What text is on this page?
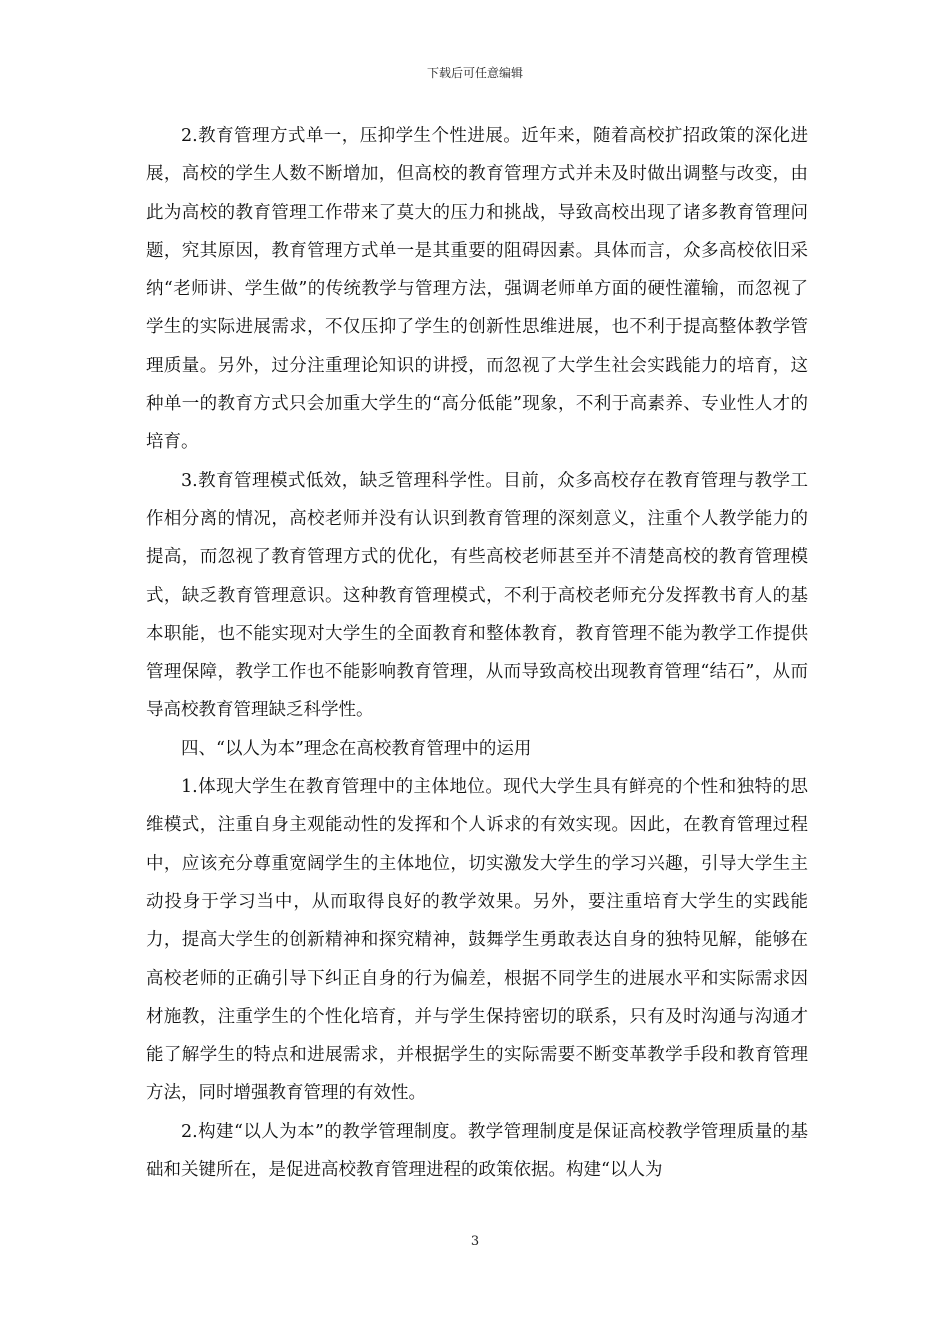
下载后可任意编辑

2.教育管理方式单一，压抑学生个性进展。近年来，随着高校扩招政策的深化进展，高校的学生人数不断增加，但高校的教育管理方式并未及时做出调整与改变，由此为高校的教育管理工作带来了莫大的压力和挑战，导致高校出现了诸多教育管理问题，究其原因，教育管理方式单一是其重要的阻碍因素。具体而言，众多高校依旧采纳“老师讲、学生做”的传统教学与管理方法，强调老师单方面的硬性灌输，而忽视了学生的实际进展需求，不仅压抑了学生的创新性思维进展，也不利于提高整体教学管理质量。另外，过分注重理论知识的讲授，而忽视了大学生社会实践能力的培育，这种单一的教育方式只会加重大学生的“高分低能”现象，不利于高素养、专业性人才的培育。

3.教育管理模式低效，缺乏管理科学性。目前，众多高校存在教育管理与教学工作相分离的情况，高校老师并没有认识到教育管理的深刻意义，注重个人教学能力的提高，而忽视了教育管理方式的优化，有些高校老师甚至并不清楚高校的教育管理模式，缺乏教育管理意识。这种教育管理模式，不利于高校老师充分发挥教书育人的基本职能，也不能实现对大学生的全面教育和整体教育，教育管理不能为教学工作提供管理保障，教学工作也不能影响教育管理，从而导致高校出现教育管理“结石”，从而导高校教育管理缺乏科学性。

四、“以人为本”理念在高校教育管理中的运用

1.体现大学生在教育管理中的主体地位。现代大学生具有鲜亮的个性和独特的思维模式，注重自身主观能动性的发挥和个人诉求的有效实现。因此，在教育管理过程中，应该充分尊重宽阔学生的主体地位，切实激发大学生的学习兴趣，引导大学生主动投身于学习当中，从而取得良好的教学效果。另外，要注重培育大学生的实践能力，提高大学生的创新精神和探究精神，鼓舞学生勇敢表达自身的独特见解，能够在高校老师的正确引导下纠正自身的行为偏差，根据不同学生的进展水平和实际需求因材施教，注重学生的个性化培育，并与学生保持密切的联系，只有及时沟通与沟通才能了解学生的特点和进展需求，并根据学生的实际需要不断变革教学手段和教育管理方法，同时增强教育管理的有效性。

2.构建“以人为本”的教学管理制度。教学管理制度是保证高校教学管理质量的基础和关键所在，是促进高校教育管理进程的政策依据。构建“以人为

3
